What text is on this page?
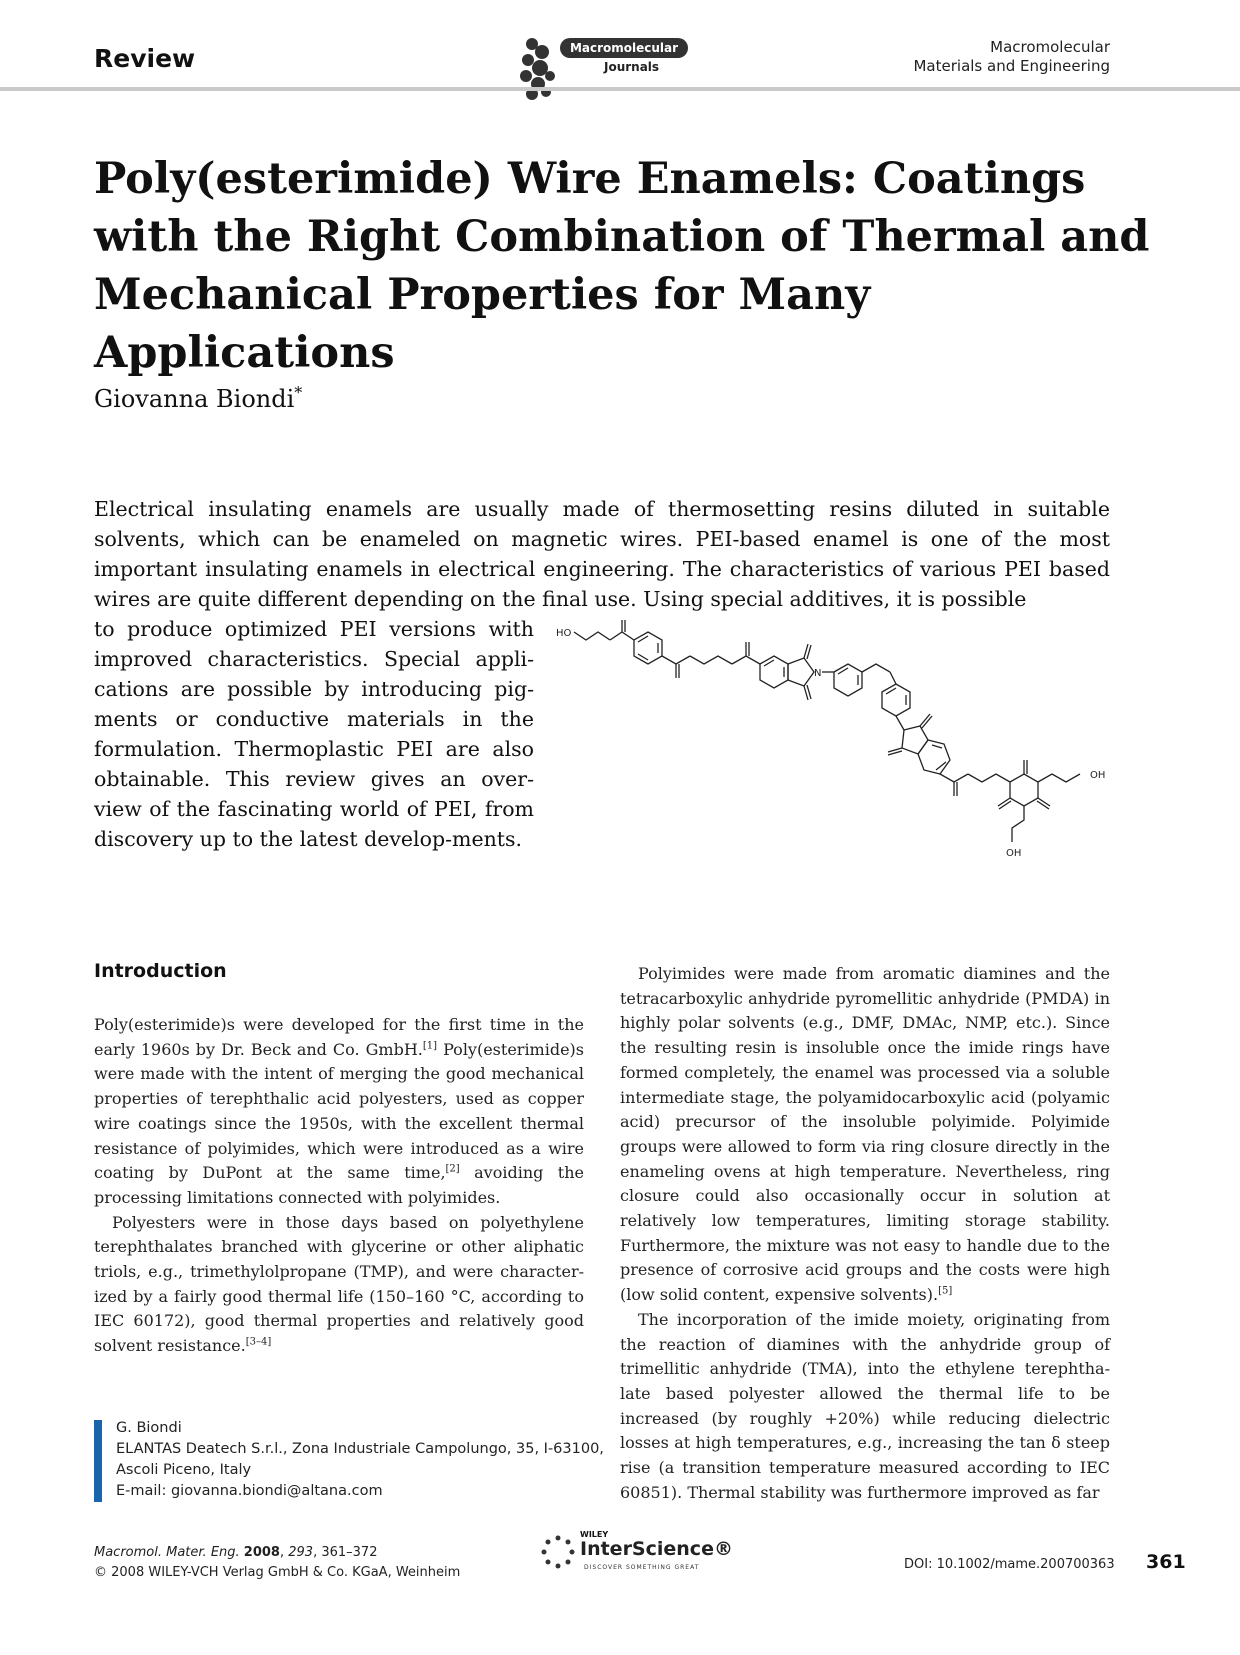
Review	Macromolecular
Journals
Macromolecular
Materials and Engineering
Poly(esterimide) Wire Enamels: Coatings with the Right Combination of Thermal and Mechanical Properties for Many Applications
Giovanna Biondi*
Electrical insulating enamels are usually made of thermosetting resins diluted in suitable solvents, which can be enameled on magnetic wires. PEI-based enamel is one of the most important insulating enamels in electrical engineering. The characteristics of various PEI based wires are quite different depending on the final use. Using special additives, it is possible
to produce optimized PEI versions with improved characteristics. Special appli-cations are possible by introducing pig-ments or conductive materials in the formulation. Thermoplastic PEI are also obtainable. This review gives an over-view of the fascinating world of PEI, from discovery up to the latest develop-ments.
HO
N
OH
OH
Introduction

Poly(esterimide)s were developed for the first time in the early 1960s by Dr. Beck and Co. GmbH.[1] Poly(esterimide)s were made with the intent of merging the good mechanical properties of terephthalic acid polyesters, used as copper wire coatings since the 1950s, with the excellent thermal resistance of polyimides, which were introduced as a wire coating by DuPont at the same time,[2] avoiding the processing limitations connected with polyimides.

Polyesters were in those days based on polyethylene terephthalates branched with glycerine or other aliphatic triols, e.g., trimethylolpropane (TMP), and were character-ized by a fairly good thermal life (150–160 °C, according to IEC 60172), good thermal properties and relatively good solvent resistance.[3–4]

Polyimides were made from aromatic diamines and the tetracarboxylic anhydride pyromellitic anhydride (PMDA) in highly polar solvents (e.g., DMF, DMAc, NMP, etc.). Since the resulting resin is insoluble once the imide rings have formed completely, the enamel was processed via a soluble intermediate stage, the polyamidocarboxylic acid (polyamic acid) precursor of the insoluble polyimide. Polyimide groups were allowed to form via ring closure directly in the enameling ovens at high temperature. Nevertheless, ring closure could also occasionally occur in solution at relatively low temperatures, limiting storage stability. Furthermore, the mixture was not easy to handle due to the presence of corrosive acid groups and the costs were high (low solid content, expensive solvents).[5]

The incorporation of the imide moiety, originating from the reaction of diamines with the anhydride group of trimellitic anhydride (TMA), into the ethylene terephtha-late based polyester allowed the thermal life to be increased (by roughly +20%) while reducing dielectric losses at high temperatures, e.g., increasing the tan δ steep rise (a transition temperature measured according to IEC 60851). Thermal stability was furthermore improved as far

G. Biondi
ELANTAS Deatech S.r.l., Zona Industriale Campolungo, 35, I-63100,
Ascoli Piceno, Italy
E-mail: giovanna.biondi@altana.com
Macromol. Mater. Eng. 2008, 293, 361–372
© 2008 WILEY-VCH Verlag GmbH & Co. KGaA, Weinheim
WILEY
InterScience®
DISCOVER SOMETHING GREAT	DOI: 10.1002/mame.200700363 361
